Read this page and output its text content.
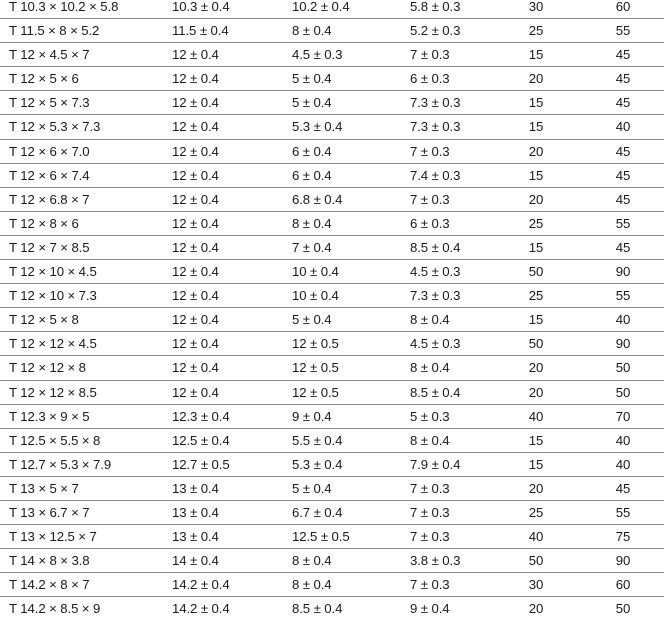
T 10.3 × 10.2 × 5.8	10.3 ± 0.4	10.2 ± 0.4	5.8 ± 0.3	30	60
T 11.5 × 8 × 5.2	11.5 ± 0.4	8 ± 0.4	5.2 ± 0.3	25	55
T 12 × 4.5 × 7	12 ± 0.4	4.5 ± 0.3	7 ± 0.3	15	45
T 12 × 5 × 6	12 ± 0.4	5 ± 0.4	6 ± 0.3	20	45
T 12 × 5 × 7.3	12 ± 0.4	5 ± 0.4	7.3 ± 0.3	15	45
T 12 × 5.3 × 7.3	12 ± 0.4	5.3 ± 0.4	7.3 ± 0.3	15	40
T 12 × 6 × 7.0	12 ± 0.4	6 ± 0.4	7 ± 0.3	20	45
T 12 × 6 × 7.4	12 ± 0.4	6 ± 0.4	7.4 ± 0.3	15	45
T 12 × 6.8 × 7	12 ± 0.4	6.8 ± 0.4	7 ± 0.3	20	45
T 12 × 8 × 6	12 ± 0.4	8 ± 0.4	6 ± 0.3	25	55
T 12 × 7 × 8.5	12 ± 0.4	7 ± 0.4	8.5 ± 0.4	15	45
T 12 × 10 × 4.5	12 ± 0.4	10 ± 0.4	4.5 ± 0.3	50	90
T 12 × 10 × 7.3	12 ± 0.4	10 ± 0.4	7.3 ± 0.3	25	55
T 12 × 5 × 8	12 ± 0.4	5 ± 0.4	8 ± 0.4	15	40
T 12 × 12 × 4.5	12 ± 0.4	12 ± 0.5	4.5 ± 0.3	50	90
T 12 × 12 × 8	12 ± 0.4	12 ± 0.5	8 ± 0.4	20	50
T 12 × 12 × 8.5	12 ± 0.4	12 ± 0.5	8.5 ± 0.4	20	50
T 12.3 × 9 × 5	12.3 ± 0.4	9 ± 0.4	5 ± 0.3	40	70
T 12.5 × 5.5 × 8	12.5 ± 0.4	5.5 ± 0.4	8 ± 0.4	15	40
T 12.7 × 5.3 × 7.9	12.7 ± 0.5	5.3 ± 0.4	7.9 ± 0.4	15	40
T 13 × 5 × 7	13 ± 0.4	5 ± 0.4	7 ± 0.3	20	45
T 13 × 6.7 × 7	13 ± 0.4	6.7 ± 0.4	7 ± 0.3	25	55
T 13 × 12.5 × 7	13 ± 0.4	12.5 ± 0.5	7 ± 0.3	40	75
T 14 × 8 × 3.8	14 ± 0.4	8 ± 0.4	3.8 ± 0.3	50	90
T 14.2 × 8 × 7	14.2 ± 0.4	8 ± 0.4	7 ± 0.3	30	60
T 14.2 × 8.5 × 9	14.2 ± 0.4	8.5 ± 0.4	9 ± 0.4	20	50
